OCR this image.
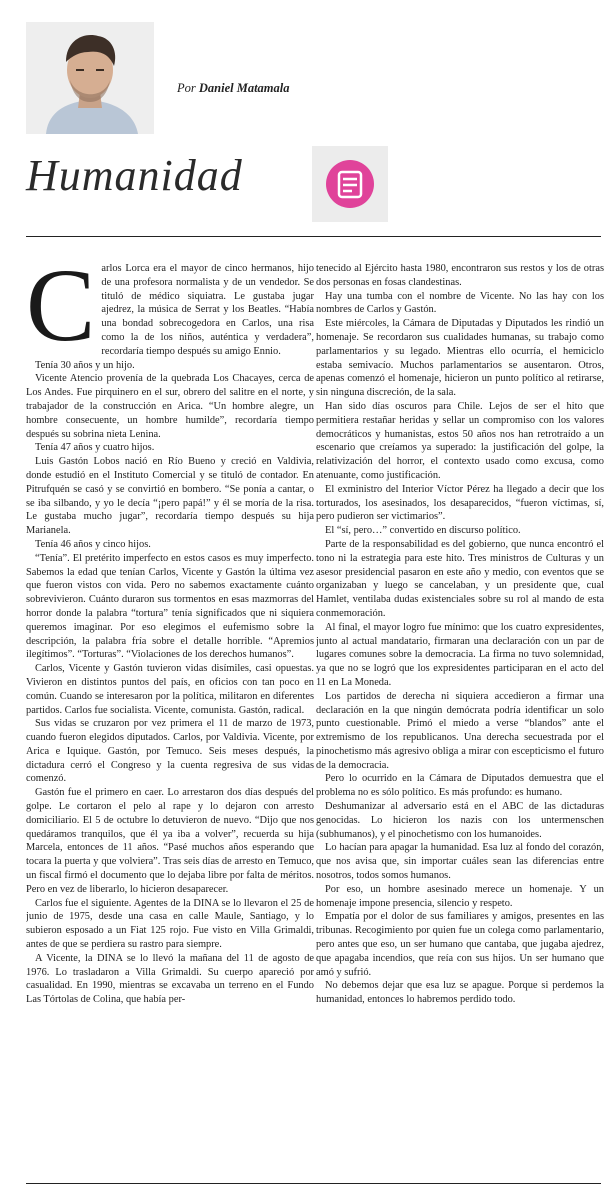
Por Daniel Matamala
Humanidad

Carlos Lorca era el mayor de cinco hermanos, hijo de una profesora normalista y de un vendedor. Se tituló de médico siquiatra. Le gustaba jugar ajedrez, la música de Serrat y los Beatles. “Había una bondad sobrecogedora en Carlos, una risa como la de los niños, auténtica y verdadera”, recordaría tiempo después su amigo Ennio.

Tenía 30 años y un hijo.

Vicente Atencio provenía de la quebrada Los Chacayes, cerca de Los Andes. Fue pirquinero en el sur, obrero del salitre en el norte, y trabajador de la construcción en Arica. “Un hombre alegre, un hombre consecuente, un hombre humilde”, recordaría tiempo después su sobrina nieta Lenina.

Tenía 47 años y cuatro hijos.

Luis Gastón Lobos nació en Río Bueno y creció en Valdivia, donde estudió en el Instituto Comercial y se tituló de contador. En Pitrufquén se casó y se convirtió en bombero. “Se ponía a cantar, o se iba silbando, y yo le decía “¡pero papá!” y él se moría de la risa. Le gustaba mucho jugar”, recordaría tiempo después su hija Marianela.

Tenía 46 años y cinco hijos.

“Tenía”. El pretérito imperfecto en estos casos es muy imperfecto. Sabemos la edad que tenían Carlos, Vicente y Gastón la última vez que fueron vistos con vida. Pero no sabemos exactamente cuánto sobrevivieron. Cuánto duraron sus tormentos en esas mazmorras del horror donde la palabra “tortura” tenía significados que ni siquiera queremos imaginar. Por eso elegimos el eufemismo sobre la descripción, la palabra fría sobre el detalle horrible. “Apremios ilegítimos”. “Torturas”. “Violaciones de los derechos humanos”.

Carlos, Vicente y Gastón tuvieron vidas disímiles, casi opuestas. Vivieron en distintos puntos del país, en oficios con tan poco en común. Cuando se interesaron por la política, militaron en diferentes partidos. Carlos fue socialista. Vicente, comunista. Gastón, radical.

Sus vidas se cruzaron por vez primera el 11 de marzo de 1973, cuando fueron elegidos diputados. Carlos, por Valdivia. Vicente, por Arica e Iquique. Gastón, por Temuco. Seis meses después, la dictadura cerró el Congreso y la cuenta regresiva de sus vidas comenzó.

Gastón fue el primero en caer. Lo arrestaron dos días después del golpe. Le cortaron el pelo al rape y lo dejaron con arresto domiciliario. El 5 de octubre lo detuvieron de nuevo. “Dijo que nos quedáramos tranquilos, que él ya iba a volver”, recuerda su hija Marcela, entonces de 11 años. “Pasé muchos años esperando que tocara la puerta y que volviera”. Tras seis días de arresto en Temuco, un fiscal firmó el documento que lo dejaba libre por falta de méritos. Pero en vez de liberarlo, lo hicieron desaparecer.

Carlos fue el siguiente. Agentes de la DINA se lo llevaron el 25 de junio de 1975, desde una casa en calle Maule, Santiago, y lo subieron esposado a un Fiat 125 rojo. Fue visto en Villa Grimaldi, antes de que se perdiera su rastro para siempre.

A Vicente, la DINA se lo llevó la mañana del 11 de agosto de 1976. Lo trasladaron a Villa Grimaldi. Su cuerpo apareció por casualidad. En 1990, mientras se excavaba un terreno en el Fundo Las Tórtolas de Colina, que había per-

tenecido al Ejército hasta 1980, encontraron sus restos y los de otras dos personas en fosas clandestinas.

Hay una tumba con el nombre de Vicente. No las hay con los nombres de Carlos y Gastón.

Este miércoles, la Cámara de Diputadas y Diputados les rindió un homenaje. Se recordaron sus cualidades humanas, su trabajo como parlamentarios y su legado. Mientras ello ocurría, el hemiciclo estaba semivacío. Muchos parlamentarios se ausentaron. Otros, apenas comenzó el homenaje, hicieron un punto político al retirarse, sin ninguna discreción, de la sala.

Han sido días oscuros para Chile. Lejos de ser el hito que permitiera restañar heridas y sellar un compromiso con los valores democráticos y humanistas, estos 50 años nos han retrotraído a un escenario que creíamos ya superado: la justificación del golpe, la relativización del horror, el contexto usado como excusa, como atenuante, como justificación.

El exministro del Interior Víctor Pérez ha llegado a decir que los torturados, los asesinados, los desaparecidos, “fueron víctimas, sí, pero pudieron ser victimarios”.

El “sí, pero…” convertido en discurso político.

Parte de la responsabilidad es del gobierno, que nunca encontró el tono ni la estrategia para este hito. Tres ministros de Culturas y un asesor presidencial pasaron en este año y medio, con eventos que se organizaban y luego se cancelaban, y un presidente que, cual Hamlet, ventilaba dudas existenciales sobre su rol al mando de esta conmemoración.

Al final, el mayor logro fue mínimo: que los cuatro expresidentes, junto al actual mandatario, firmaran una declaración con un par de lugares comunes sobre la democracia. La firma no tuvo solemnidad, ya que no se logró que los expresidentes participaran en el acto del 11 en La Moneda.

Los partidos de derecha ni siquiera accedieron a firmar una declaración en la que ningún demócrata podría identificar un solo punto cuestionable. Primó el miedo a verse “blandos” ante el extremismo de los republicanos. Una derecha secuestrada por el pinochetismo más agresivo obliga a mirar con escepticismo el futuro de la democracia.

Pero lo ocurrido en la Cámara de Diputados demuestra que el problema no es sólo político. Es más profundo: es humano.

Deshumanizar al adversario está en el ABC de las dictaduras genocidas. Lo hicieron los nazis con los untermenschen (subhumanos), y el pinochetismo con los humanoides.

Lo hacían para apagar la humanidad. Esa luz al fondo del corazón, que nos avisa que, sin importar cuáles sean las diferencias entre nosotros, todos somos humanos.

Por eso, un hombre asesinado merece un homenaje. Y un homenaje impone presencia, silencio y respeto.

Empatía por el dolor de sus familiares y amigos, presentes en las tribunas. Recogimiento por quien fue un colega como parlamentario, pero antes que eso, un ser humano que cantaba, que jugaba ajedrez, que apagaba incendios, que reía con sus hijos. Un ser humano que amó y sufrió.

No debemos dejar que esa luz se apague. Porque si perdemos la humanidad, entonces lo habremos perdido todo.
